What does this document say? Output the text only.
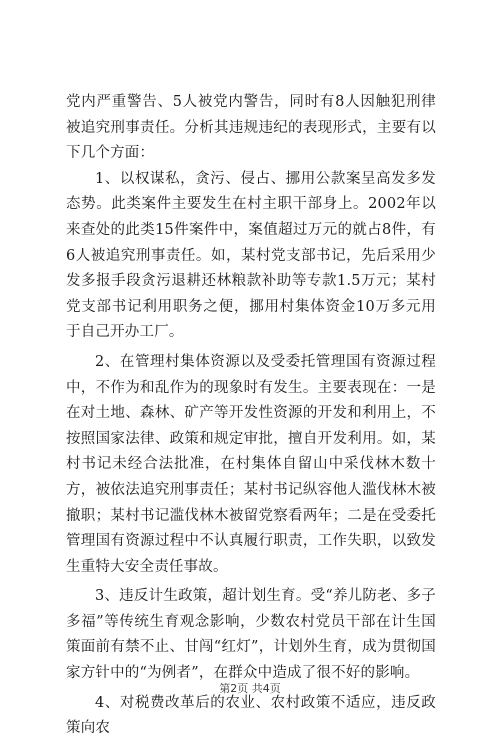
党内严重警告、5人被党内警告，同时有8人因触犯刑律被追究刑事责任。分析其违规违纪的表现形式，主要有以下几个方面：

1、以权谋私，贪污、侵占、挪用公款案呈高发多发态势。此类案件主要发生在村主职干部身上。2002年以来查处的此类15件案件中，案值超过万元的就占8件，有6人被追究刑事责任。如，某村党支部书记，先后采用少发多报手段贪污退耕还林粮款补助等专款1.5万元；某村党支部书记利用职务之便，挪用村集体资金10万多元用于自己开办工厂。

2、在管理村集体资源以及受委托管理国有资源过程中，不作为和乱作为的现象时有发生。主要表现在：一是在对土地、森林、矿产等开发性资源的开发和利用上，不按照国家法律、政策和规定审批，擅自开发利用。如，某村书记未经合法批准，在村集体自留山中采伐林木数十方，被依法追究刑事责任；某村书记纵容他人滥伐林木被撤职；某村书记滥伐林木被留党察看两年；二是在受委托管理国有资源过程中不认真履行职责，工作失职，以致发生重特大安全责任事故。

3、违反计生政策，超计划生育。受“养儿防老、多子多福”等传统生育观念影响，少数农村党员干部在计生国策面前有禁不止、甘闯“红灯”，计划外生育，成为贯彻国家方针中的“为例者”，在群众中造成了很不好的影响。

4、对税费改革后的农业、农村政策不适应，违反政策向农

第2页 共4页
